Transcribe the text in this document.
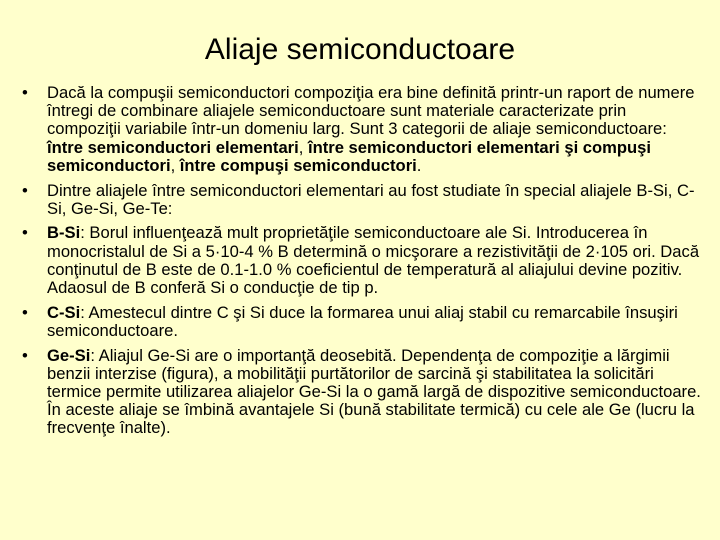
Aliaje semiconductoare
•	Dacă la compuşii semiconductori compoziţia era bine definită printr-un raport de numere întregi de combinare aliajele semiconductoare sunt materiale caracterizate prin compoziţii variabile într-un domeniu larg. Sunt 3 categorii de aliaje semiconductoare: între semiconductori elementari, între semiconductori elementari şi compuşi semiconductori, între compuşi semiconductori.
•	Dintre aliajele între semiconductori elementari au fost studiate în special aliajele B-Si, C-Si, Ge-Si, Ge-Te:
•	B-Si: Borul influenţează mult proprietăţile semiconductoare ale Si. Introducerea în monocristalul de Si a 5·10-4 % B determină o micşorare a rezistivităţii de 2·105 ori. Dacă conţinutul de B este de 0.1-1.0 % coeficientul de temperatură al aliajului devine pozitiv. Adaosul de B conferă Si o conducţie de tip p.
•	C-Si: Amestecul dintre C şi Si duce la formarea unui aliaj stabil cu remarcabile însuşiri semiconductoare.
•	Ge-Si: Aliajul Ge-Si are o importanţă deosebită. Dependenţa de compoziţie a lărgimii benzii interzise (figura), a mobilităţii purtătorilor de sarcină şi stabilitatea la solicitări termice permite utilizarea aliajelor Ge-Si la o gamă largă de dispozitive semiconductoare. În aceste aliaje se îmbină avantajele Si (bună stabilitate termică) cu cele ale Ge (lucru la frecvenţe înalte).
